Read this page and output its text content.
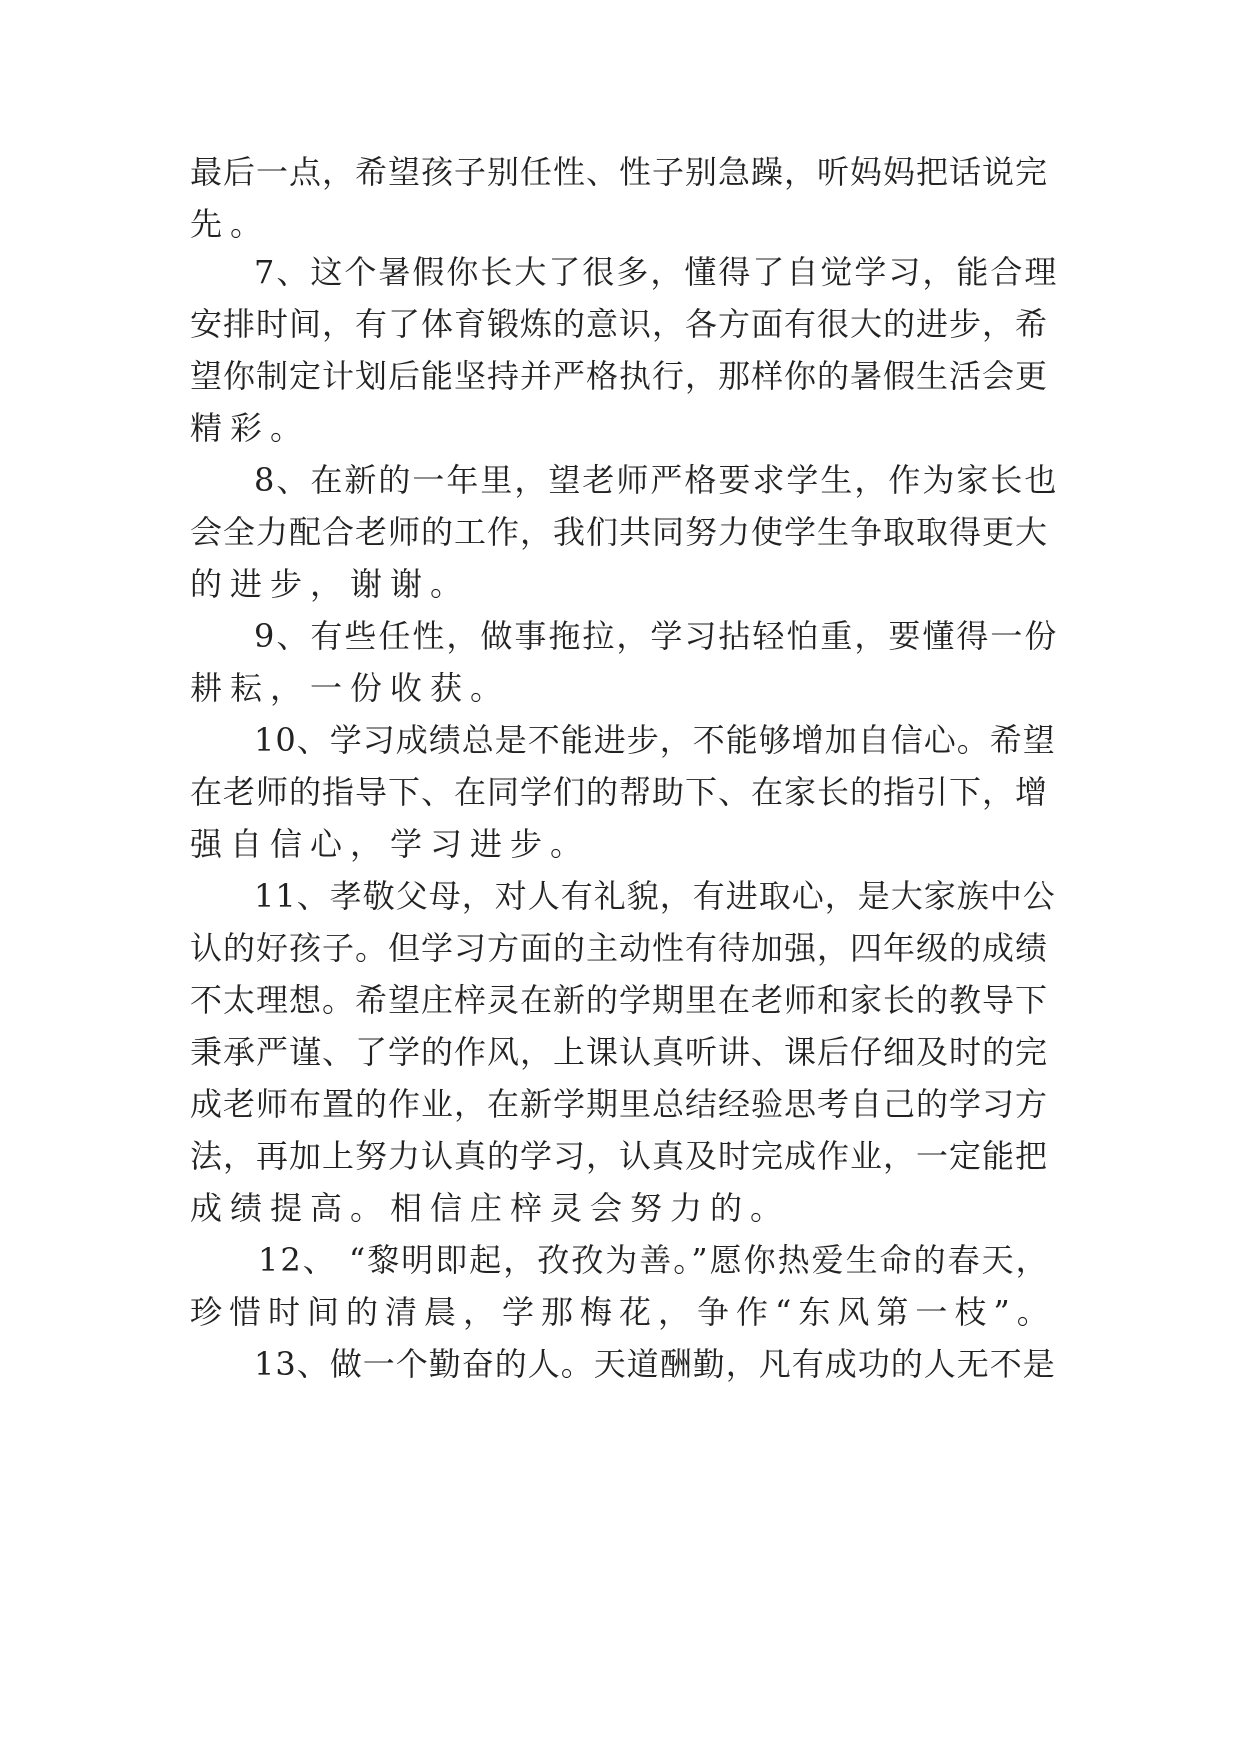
最后一点，希望孩子别任性、性子别急躁，听妈妈把话说完
先。
7、这个暑假你长大了很多，懂得了自觉学习，能合理
安排时间，有了体育锻炼的意识，各方面有很大的进步，希
望你制定计划后能坚持并严格执行，那样你的暑假生活会更
精彩。
8、在新的一年里，望老师严格要求学生，作为家长也
会全力配合老师的工作，我们共同努力使学生争取取得更大
的进步，谢谢。
9、有些任性，做事拖拉，学习拈轻怕重，要懂得一份
耕耘，一份收获。
10、学习成绩总是不能进步，不能够增加自信心。希望
在老师的指导下、在同学们的帮助下、在家长的指引下，增
强自信心，学习进步。
11、孝敬父母，对人有礼貌，有进取心，是大家族中公
认的好孩子。但学习方面的主动性有待加强，四年级的成绩
不太理想。希望庄梓灵在新的学期里在老师和家长的教导下
秉承严谨、了学的作风，上课认真听讲、课后仔细及时的完
成老师布置的作业，在新学期里总结经验思考自己的学习方
法，再加上努力认真的学习，认真及时完成作业，一定能把
成绩提高。相信庄梓灵会努力的。
12、 “黎明即起，孜孜为善。”愿你热爱生命的春天，
珍惜时间的清晨，学那梅花，争作“东风第一枝”。
13、做一个勤奋的人。天道酬勤，凡有成功的人无不是
